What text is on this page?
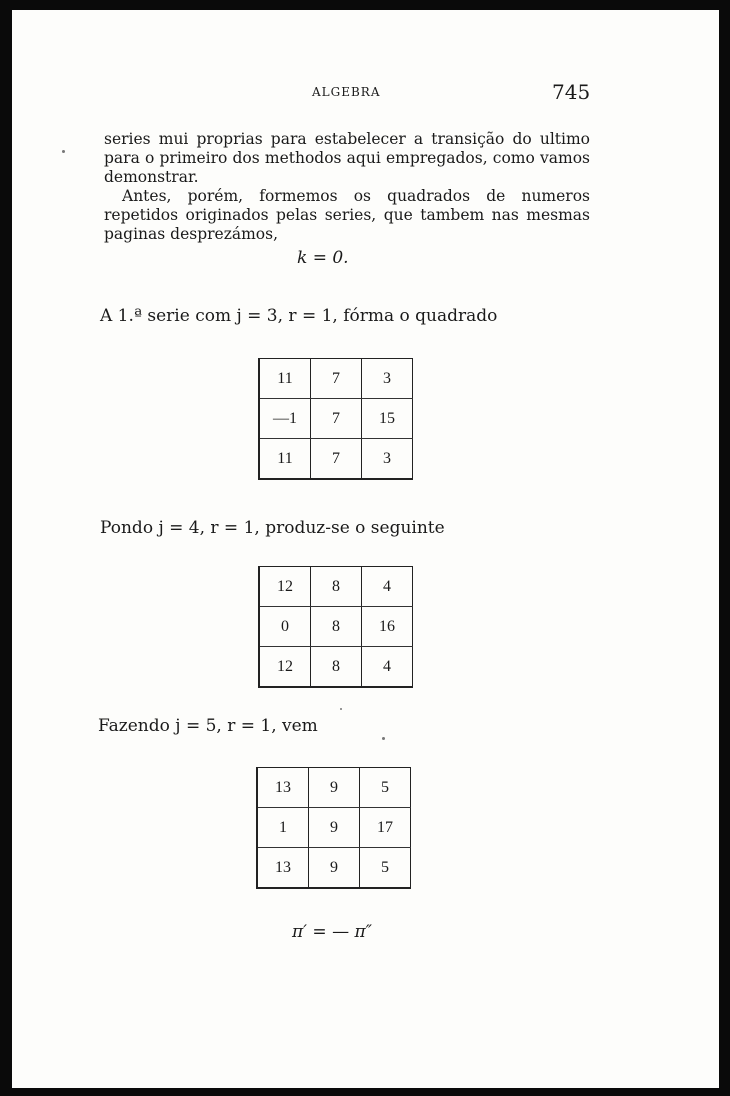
ALGEBRA	745

series mui proprias para estabelecer a transição do ultimo para o primeiro dos methodos aqui empregados, como vamos demonstrar.

Antes, porém, formemos os quadrados de numeros repetidos originados pelas series, que tambem nas mesmas paginas desprezámos,

k = 0.
A 1.ª serie com j = 3, r = 1, fórma o quadrado
11	7	3
—1	7	15
11	7	3
Pondo j = 4, r = 1, produz-se o seguinte
12	8	4
0	8	16
12	8	4
Fazendo j = 5, r = 1, vem
13	9	5
1	9	17
13	9	5
π′ = — π″
